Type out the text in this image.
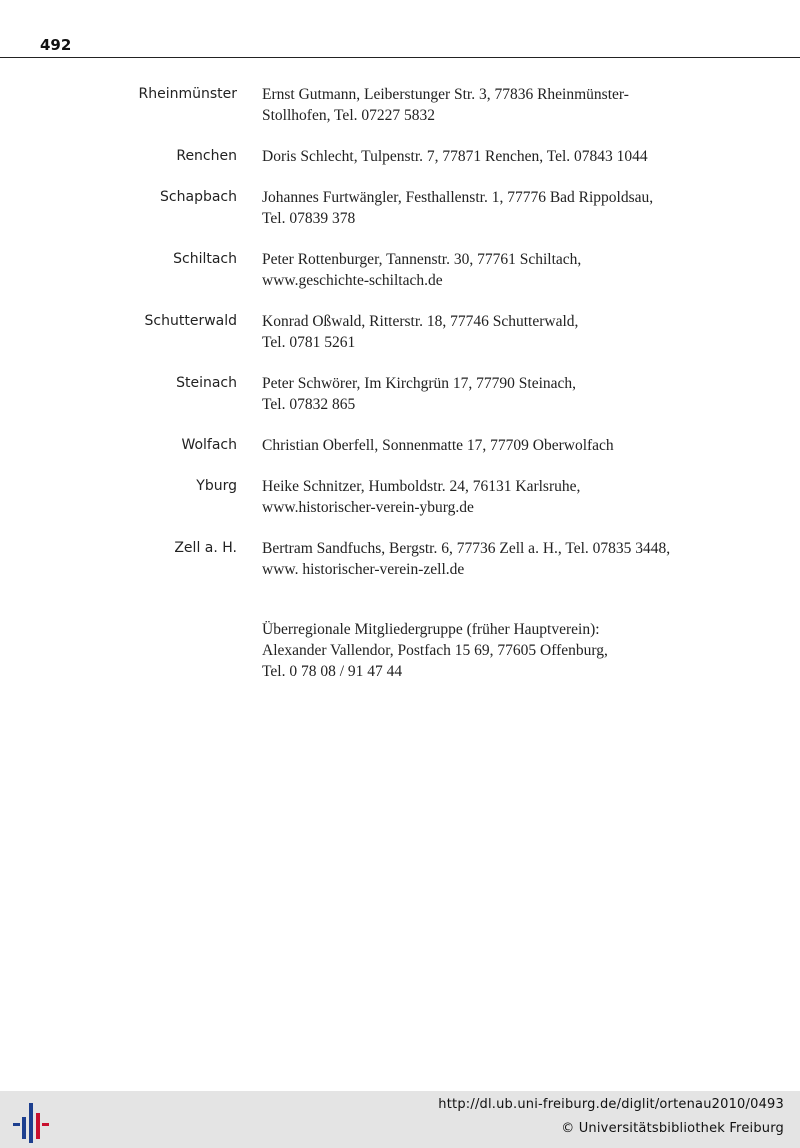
492
Rheinmünster Ernst Gutmann, Leiberstunger Str. 3, 77836 Rheinmünster-
Stollhofen, Tel. 07227 5832
Renchen Doris Schlecht, Tulpenstr. 7, 77871 Renchen, Tel. 07843 1044
Schapbach Johannes Furtwängler, Festhallenstr. 1, 77776 Bad Rippoldsau,
Tel. 07839 378
Schiltach Peter Rottenburger, Tannenstr. 30, 77761 Schiltach,
www.geschichte-schiltach.de
Schutterwald Konrad Oßwald, Ritterstr. 18, 77746 Schutterwald,
Tel. 0781 5261
Steinach Peter Schwörer, Im Kirchgrün 17, 77790 Steinach,
Tel. 07832 865
Wolfach Christian Oberfell, Sonnenmatte 17, 77709 Oberwolfach
Yburg Heike Schnitzer, Humboldstr. 24, 76131 Karlsruhe,
www.historischer-verein-yburg.de
Zell a. H. Bertram Sandfuchs, Bergstr. 6, 77736 Zell a. H., Tel. 07835 3448,
www. historischer-verein-zell.de
Überregionale Mitgliedergruppe (früher Hauptverein):
Alexander Vallendor, Postfach 15 69, 77605 Offenburg,
Tel. 0 78 08 / 91 47 44
http://dl.ub.uni-freiburg.de/diglit/ortenau2010/0493
© Universitätsbibliothek Freiburg
